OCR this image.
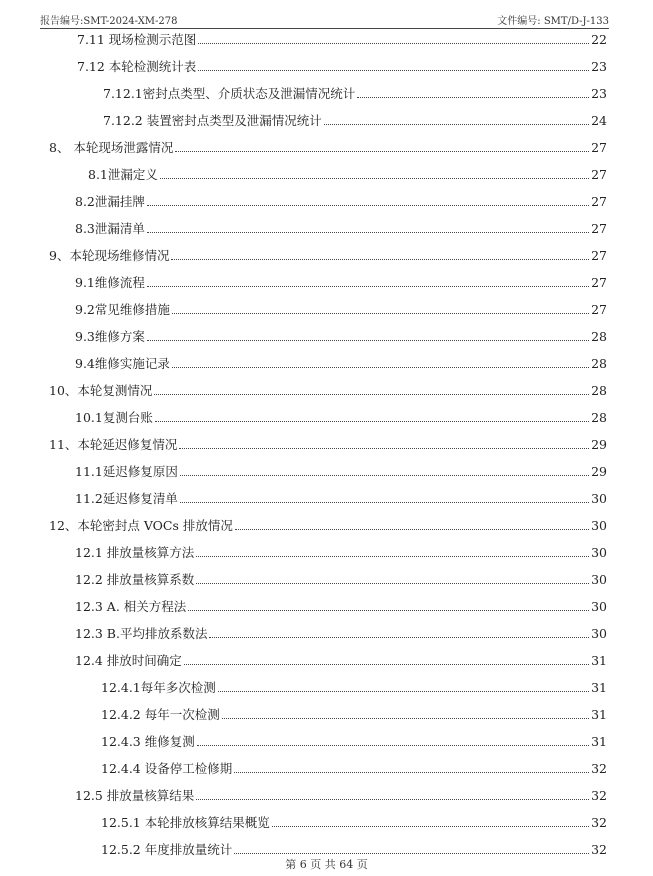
报告编号:SMT-2024-XM-278	文件编号: SMT/D-J-133
7.11 现场检测示范图	22
7.12 本轮检测统计表	23
7.12.1密封点类型、介质状态及泄漏情况统计	23
7.12.2 装置密封点类型及泄漏情况统计	24
8、 本轮现场泄露情况	27
8.1泄漏定义	27
8.2泄漏挂牌	27
8.3泄漏清单	27
9、本轮现场维修情况	27
9.1维修流程	27
9.2常见维修措施	27
9.3维修方案	28
9.4维修实施记录	28
10、本轮复测情况	28
10.1复测台账	28
11、本轮延迟修复情况	29
11.1延迟修复原因	29
11.2延迟修复清单	30
12、本轮密封点 VOCs 排放情况	30
12.1 排放量核算方法	30
12.2 排放量核算系数	30
12.3 A. 相关方程法	30
12.3 B.平均排放系数法	30
12.4 排放时间确定	31
12.4.1每年多次检测	31
12.4.2 每年一次检测	31
12.4.3 维修复测	31
12.4.4 设备停工检修期	32
12.5 排放量核算结果	32
12.5.1 本轮排放核算结果概览	32
12.5.2 年度排放量统计	32
第 6 页 共 64 页
